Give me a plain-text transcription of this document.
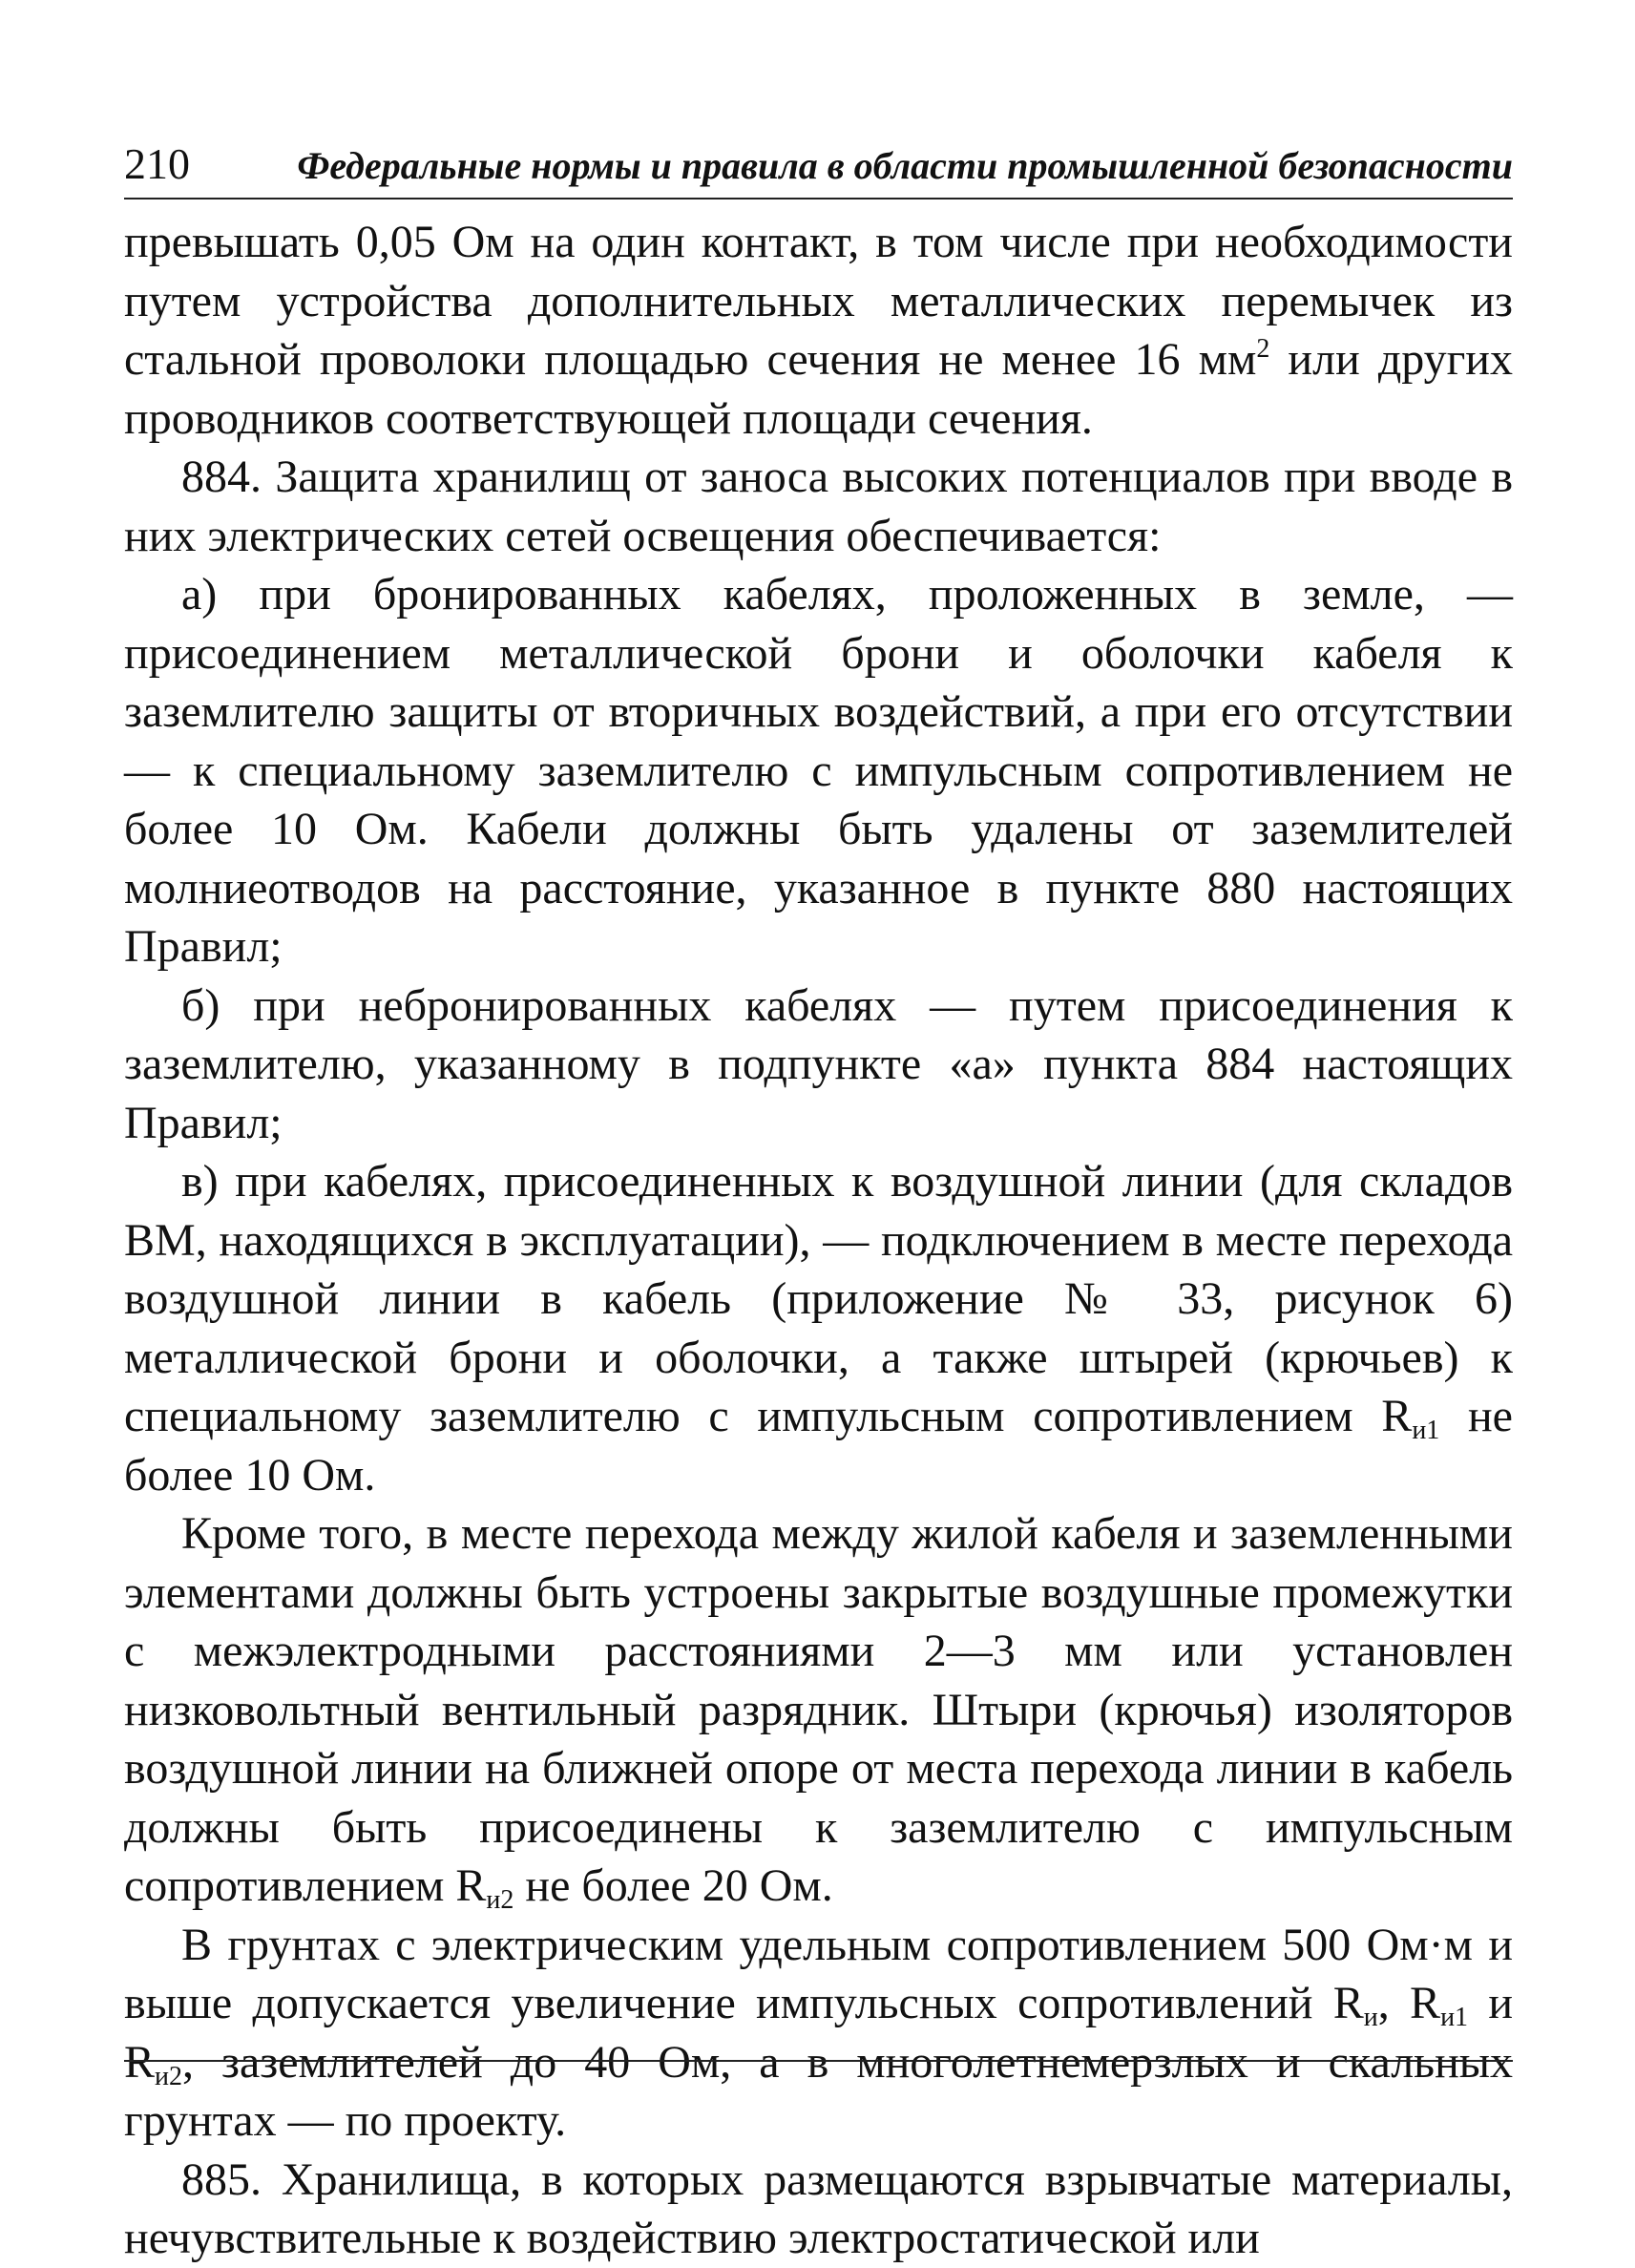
210	Федеральные нормы и правила в области промышленной безопасности

превышать 0,05 Ом на один контакт, в том числе при необходимости путем устройства дополнительных металлических перемычек из стальной проволоки площадью сечения не менее 16 $мм^2$ или других проводников соответствующей площади сечения.

884. Защита хранилищ от заноса высоких потенциалов при вводе в них электрических сетей освещения обеспечивается:

а) при бронированных кабелях, проложенных в земле, — присоединением металлической брони и оболочки кабеля к заземлителю защиты от вторичных воздействий, а при его отсутствии — к специальному заземлителю с импульсным сопротивлением не более 10 Ом. Кабели должны быть удалены от заземлителей молниеотводов на расстояние, указанное в пункте 880 настоящих Правил;

б) при небронированных кабелях — путем присоединения к заземлителю, указанному в подпункте «а» пункта 884 настоящих Правил;

в) при кабелях, присоединенных к воздушной линии (для складов ВМ, находящихся в эксплуатации), — подключением в месте перехода воздушной линии в кабель (приложение № 33, рисунок 6) металлической брони и оболочки, а также штырей (крючьев) к специальному заземлителю с импульсным сопротивлением $R_{и1}$ не более 10 Ом.

Кроме того, в месте перехода между жилой кабеля и заземленными элементами должны быть устроены закрытые воздушные промежутки с межэлектродными расстояниями 2—3 мм или установлен низковольтный вентильный разрядник. Штыри (крючья) изоляторов воздушной линии на ближней опоре от места перехода линии в кабель должны быть присоединены к заземлителю с импульсным сопротивлением $R_{и2}$ не более 20 Ом.

В грунтах с электрическим удельным сопротивлением 500 Ом·м и выше допускается увеличение импульсных сопротивлений $R_и$, $R_{и1}$ и $R_{и2}$, заземлителей до 40 Ом, а в многолетнемерзлых и скальных грунтах — по проекту.

885. Хранилища, в которых размещаются взрывчатые материалы, нечувствительные к воздействию электростатической или
